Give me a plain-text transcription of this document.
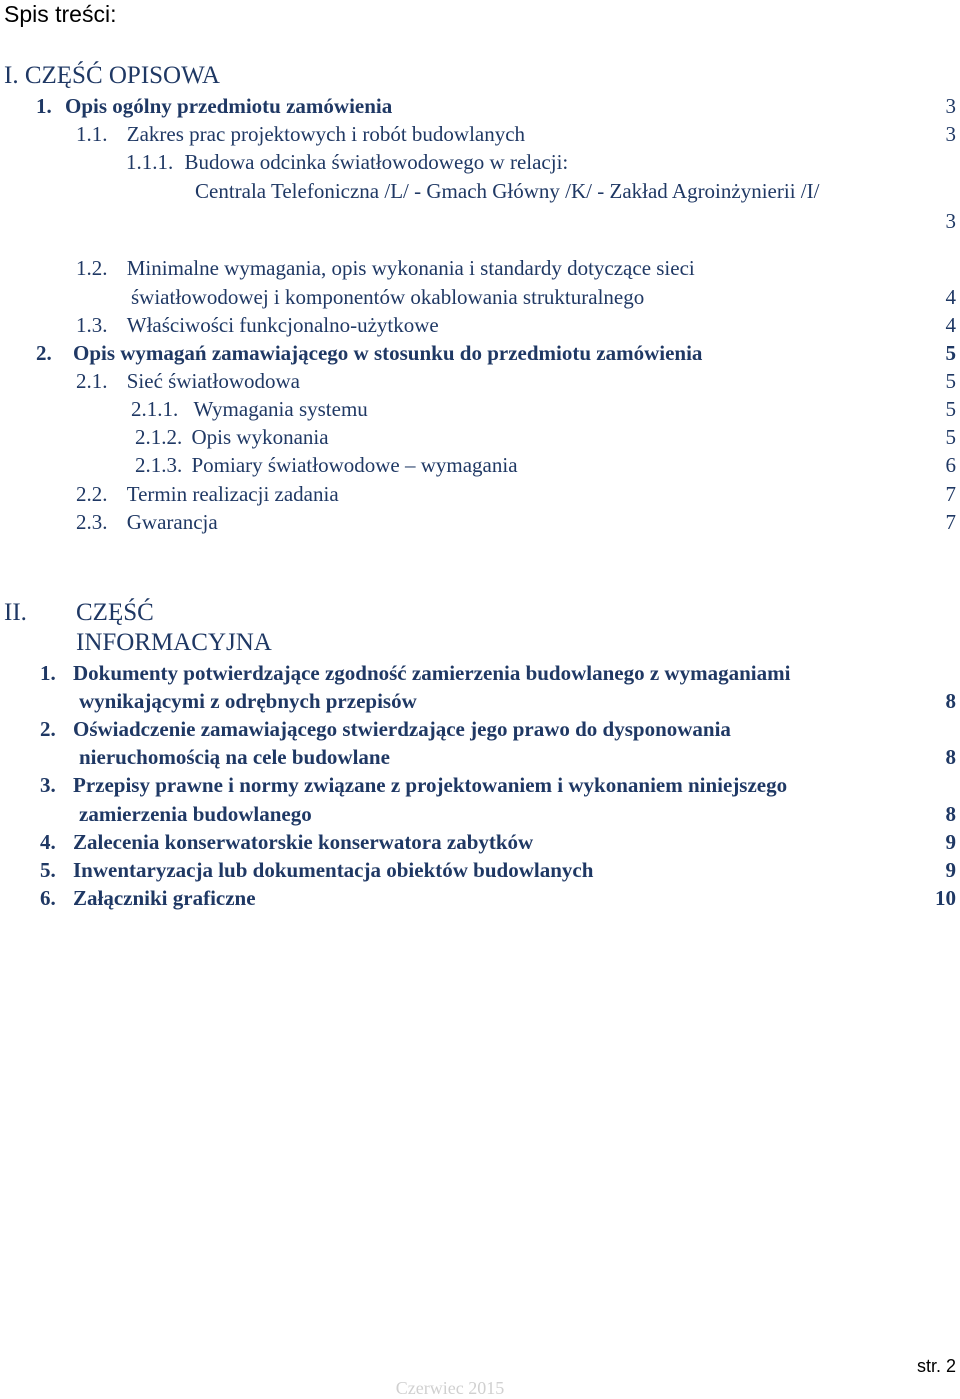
Spis treści:
I. CZĘŚĆ OPISOWA
1. Opis ogólny przedmiotu zamówienia	3
1.1. Zakres prac projektowych i robót budowlanych	3
1.1.1. Budowa odcinka światłowodowego w relacji:
Centrala Telefoniczna /L/ - Gmach Główny /K/ - Zakład Agroinżynierii /I/
3
1.2. Minimalne wymagania, opis wykonania i standardy dotyczące sieci
światłowodowej i komponentów okablowania strukturalnego	4
1.3. Właściwości funkcjonalno-użytkowe	4
2. Opis wymagań zamawiającego w stosunku do przedmiotu zamówienia	5
2.1. Sieć światłowodowa	5
2.1.1. Wymagania systemu	5
2.1.2. Opis wykonania	5
2.1.3. Pomiary światłowodowe – wymagania	6
2.2. Termin realizacji zadania	7
2.3. Gwarancja	7
II. CZĘŚĆ INFORMACYJNA
1. Dokumenty potwierdzające zgodność zamierzenia budowlanego z wymaganiami
wynikającymi z odrębnych przepisów	8
2. Oświadczenie zamawiającego stwierdzające jego prawo do dysponowania
nieruchomością na cele budowlane	8
3. Przepisy prawne i normy związane z projektowaniem i wykonaniem niniejszego
zamierzenia budowlanego	8
4. Zalecenia konserwatorskie konserwatora zabytków	9
5. Inwentaryzacja lub dokumentacja obiektów budowlanych	9
6. Załączniki graficzne	10
str. 2
Czerwiec 2015
